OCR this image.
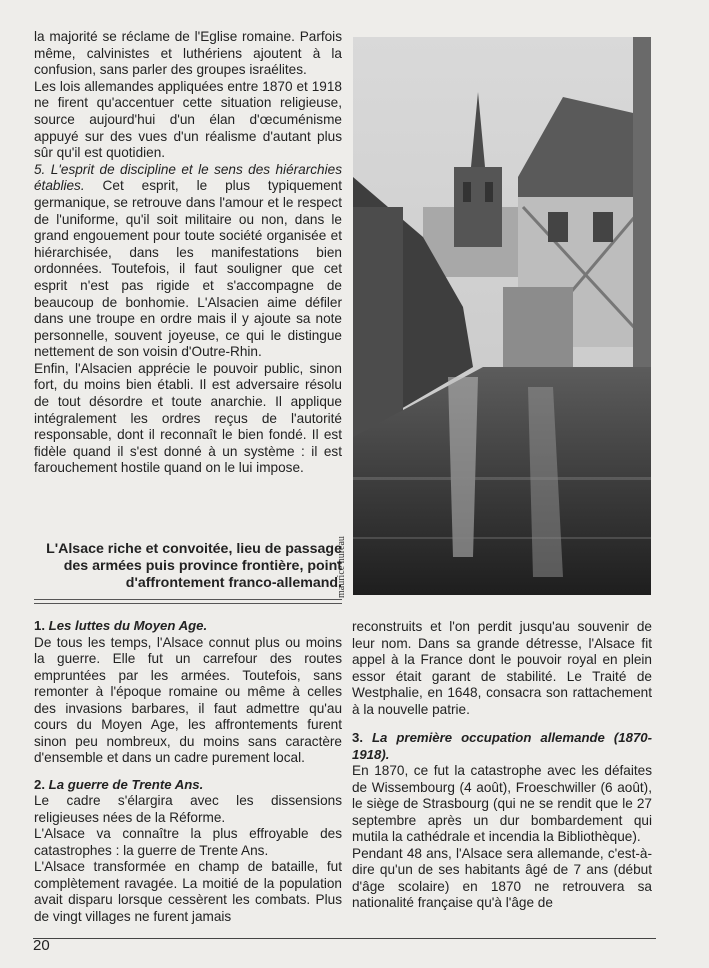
la majorité se réclame de l'Eglise romaine. Parfois même, calvinistes et luthériens ajoutent à la confusion, sans parler des groupes israélites.

Les lois allemandes appliquées entre 1870 et 1918 ne firent qu'accentuer cette situation religieuse, source aujourd'hui d'un élan d'œcuménisme appuyé sur des vues d'un réalisme d'autant plus sûr qu'il est quotidien.

5. L'esprit de discipline et le sens des hiérarchies établies. Cet esprit, le plus typiquement germanique, se retrouve dans l'amour et le respect de l'uniforme, qu'il soit militaire ou non, dans le grand engouement pour toute société organisée et hiérarchisée, dans les manifestations bien ordonnées. Toutefois, il faut souligner que cet esprit n'est pas rigide et s'accompagne de beaucoup de bonhomie. L'Alsacien aime défiler dans une troupe en ordre mais il y ajoute sa note personnelle, souvent joyeuse, ce qui le distingue nettement de son voisin d'Outre-Rhin.

Enfin, l'Alsacien apprécie le pouvoir public, sinon fort, du moins bien établi. Il est adversaire résolu de tout désordre et toute anarchie. Il applique intégralement les ordres reçus de l'autorité responsable, dont il reconnaît le bien fondé. Il est fidèle quand il s'est donné à un système : il est farouchement hostile quand on le lui impose.

maurice hureau
L'Alsace riche et convoitée, lieu de passage des armées puis province frontière, point d'affrontement franco-allemand.

1. Les luttes du Moyen Age.

De tous les temps, l'Alsace connut plus ou moins la guerre. Elle fut un carrefour des routes empruntées par les armées. Toutefois, sans remonter à l'époque romaine ou même à celles des invasions barbares, il faut admettre qu'au cours du Moyen Age, les affrontements furent sinon peu nombreux, du moins sans caractère d'ensemble et dans un cadre purement local.

2. La guerre de Trente Ans.

Le cadre s'élargira avec les dissensions religieuses nées de la Réforme.

L'Alsace va connaître la plus effroyable des catastrophes : la guerre de Trente Ans.

L'Alsace transformée en champ de bataille, fut complètement ravagée. La moitié de la population avait disparu lorsque cessèrent les combats. Plus de vingt villages ne furent jamais

reconstruits et l'on perdit jusqu'au souvenir de leur nom. Dans sa grande détresse, l'Alsace fit appel à la France dont le pouvoir royal en plein essor était garant de stabilité. Le Traité de Westphalie, en 1648, consacra son rattachement à la nouvelle patrie.

3. La première occupation allemande (1870-1918).

En 1870, ce fut la catastrophe avec les défaites de Wissembourg (4 août), Froeschwiller (6 août), le siège de Strasbourg (qui ne se rendit que le 27 septembre après un dur bombardement qui mutila la cathédrale et incendia la Bibliothèque).

Pendant 48 ans, l'Alsace sera allemande, c'est-à-dire qu'un de ses habitants âgé de 7 ans (début d'âge scolaire) en 1870 ne retrouvera sa nationalité française qu'à l'âge de

20
